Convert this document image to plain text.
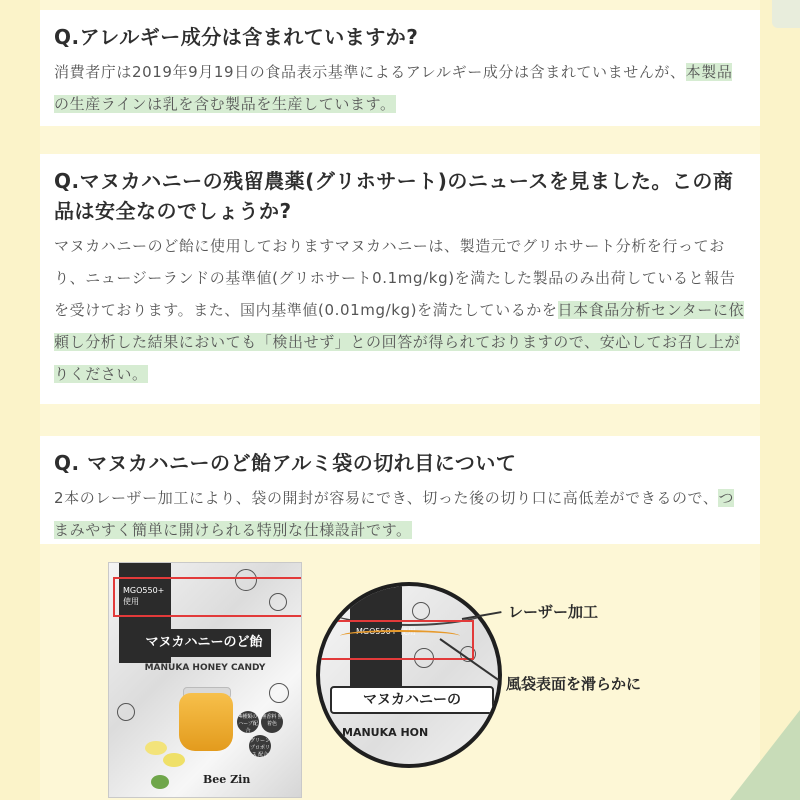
Q.アレルギー成分は含まれていますか?

消費者庁は2019年9月19日の食品表示基準によるアレルギー成分は含まれていませんが、本製品の生産ラインは乳を含む製品を生産しています。

Q.マヌカハニーの残留農薬(グリホサート)のニュースを見ました。この商品は安全なのでしょうか?

マヌカハニーのど飴に使用しておりますマヌカハニーは、製造元でグリホサート分析を行っており、ニュージーランドの基準値(グリホサート0.1mg/kg)を満たした製品のみ出荷していると報告を受けております。また、国内基準値(0.01mg/kg)を満たしているかを日本食品分析センターに依頼し分析した結果においても「検出せず」との回答が得られておりますので、安心してお召し上がりください。

Q. マヌカハニーのど飴アルミ袋の切れ目について

2本のレーザー加工により、袋の開封が容易にでき、切った後の切り口に高低差ができるので、つまみやすく簡単に開けられる特別な仕様設計です。

MGO550+ 使用
マヌカハニーのど飴
MANUKA HONEY CANDY
4種類のハーブ配合
無香料 無着色
グリーン プロポリス 配合
Bee Zin
MGO550+ 使用
マヌカハニーの
MANUKA HON
レーザー加工
風袋表面を滑らかに
